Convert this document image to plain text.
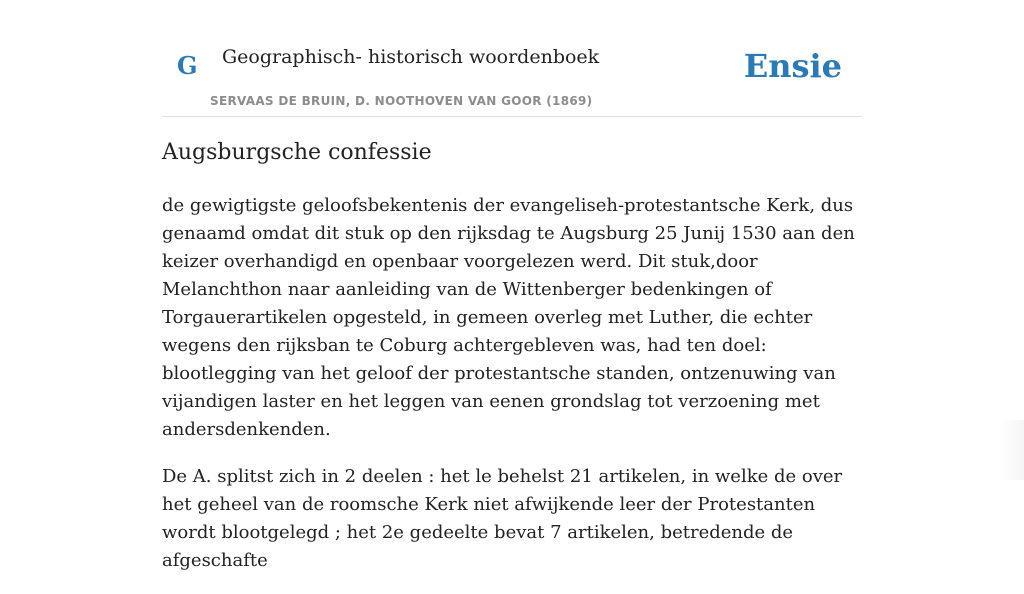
G Geographisch- historisch woordenboek
SERVAAS DE BRUIN, D. NOOTHOVEN VAN GOOR (1869)
Ensie
Augsburgsche confessie

de gewigtigste geloofsbekentenis der evangeliseh-protestantsche Kerk, dus genaamd omdat dit stuk op den rijksdag te Augsburg 25 Junij 1530 aan den keizer overhandigd en openbaar voorgelezen werd. Dit stuk,door Melanchthon naar aanleiding van de Wittenberger bedenkingen of Torgauerartikelen opgesteld, in gemeen overleg met Luther, die echter wegens den rijksban te Coburg achtergebleven was, had ten doel: blootlegging van het geloof der protestantsche standen, ontzenuwing van vijandigen laster en het leggen van eenen grondslag tot verzoening met andersdenkenden.

De A. splitst zich in 2 deelen : het le behelst 21 artikelen, in welke de over het geheel van de roomsche Kerk niet afwijkende leer der Protestanten wordt blootgelegd ; het 2e gedeelte bevat 7 artikelen, betredende de afgeschafte
